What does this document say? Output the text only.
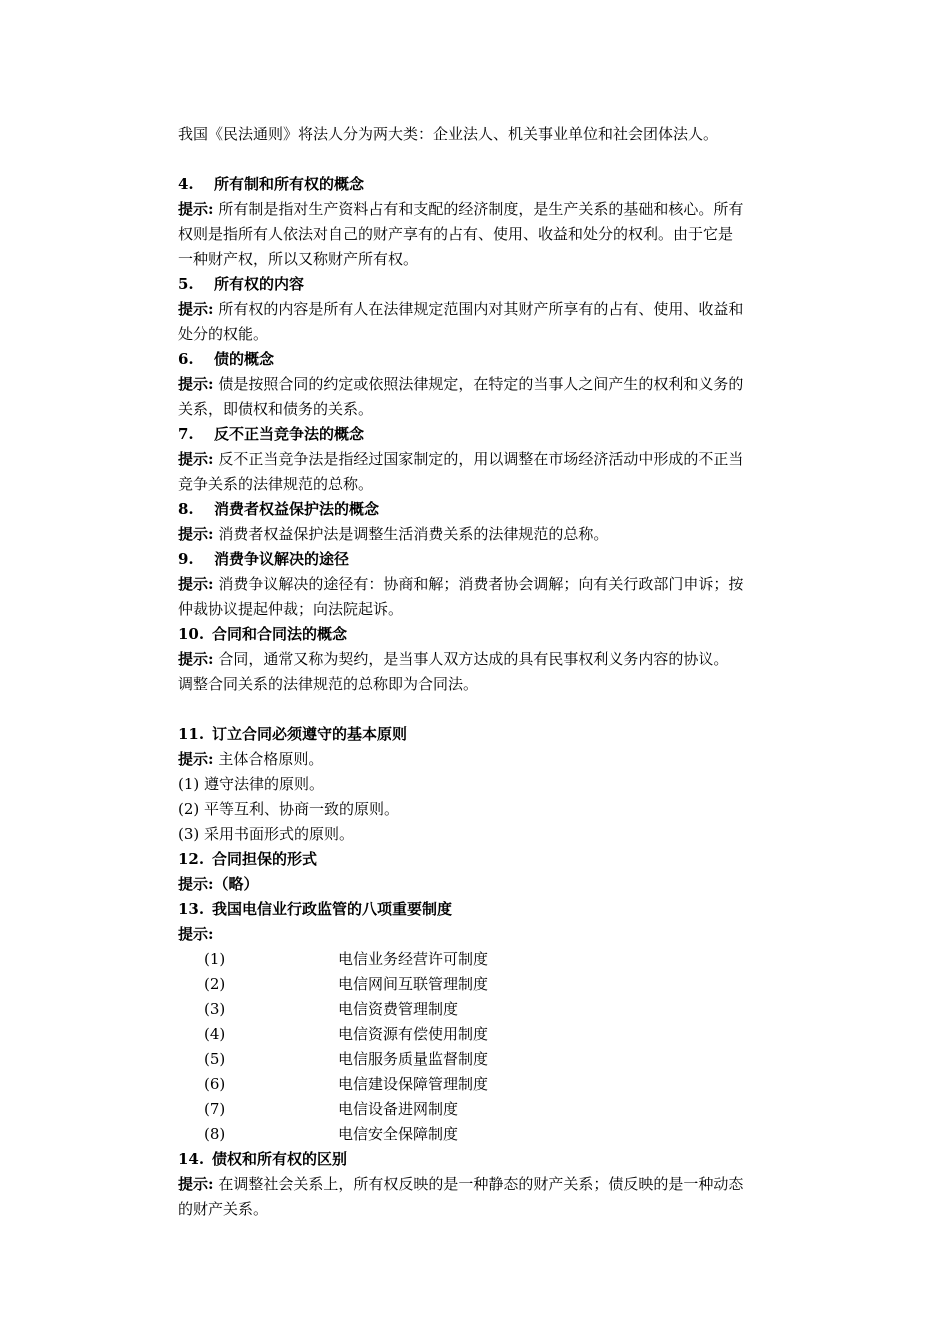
我国《民法通则》将法人分为两大类：企业法人、机关事业单位和社会团体法人。
4. 所有制和所有权的概念
提示: 所有制是指对生产资料占有和支配的经济制度，是生产关系的基础和核心。所有
权则是指所有人依法对自己的财产享有的占有、使用、收益和处分的权利。由于它是
一种财产权，所以又称财产所有权。
5. 所有权的内容
提示: 所有权的内容是所有人在法律规定范围内对其财产所享有的占有、使用、收益和
处分的权能。
6. 债的概念
提示: 债是按照合同的约定或依照法律规定，在特定的当事人之间产生的权利和义务的
关系，即债权和债务的关系。
7. 反不正当竞争法的概念
提示: 反不正当竞争法是指经过国家制定的，用以调整在市场经济活动中形成的不正当
竞争关系的法律规范的总称。
8. 消费者权益保护法的概念
提示: 消费者权益保护法是调整生活消费关系的法律规范的总称。
9. 消费争议解决的途径
提示: 消费争议解决的途径有：协商和解；消费者协会调解；向有关行政部门申诉；按
仲裁协议提起仲裁；向法院起诉。
10. 合同和合同法的概念
提示: 合同，通常又称为契约，是当事人双方达成的具有民事权利义务内容的协议。
调整合同关系的法律规范的总称即为合同法。
11. 订立合同必须遵守的基本原则
提示: 主体合格原则。
(1) 遵守法律的原则。
(2) 平等互利、协商一致的原则。
(3) 采用书面形式的原则。
12. 合同担保的形式
提示:（略）
13. 我国电信业行政监管的八项重要制度
提示:
(1)	电信业务经营许可制度
(2)	电信网间互联管理制度
(3)	电信资费管理制度
(4)	电信资源有偿使用制度
(5)	电信服务质量监督制度
(6)	电信建设保障管理制度
(7)	电信设备进网制度
(8)	电信安全保障制度
14. 债权和所有权的区别
提示: 在调整社会关系上，所有权反映的是一种静态的财产关系；债反映的是一种动态
的财产关系。
